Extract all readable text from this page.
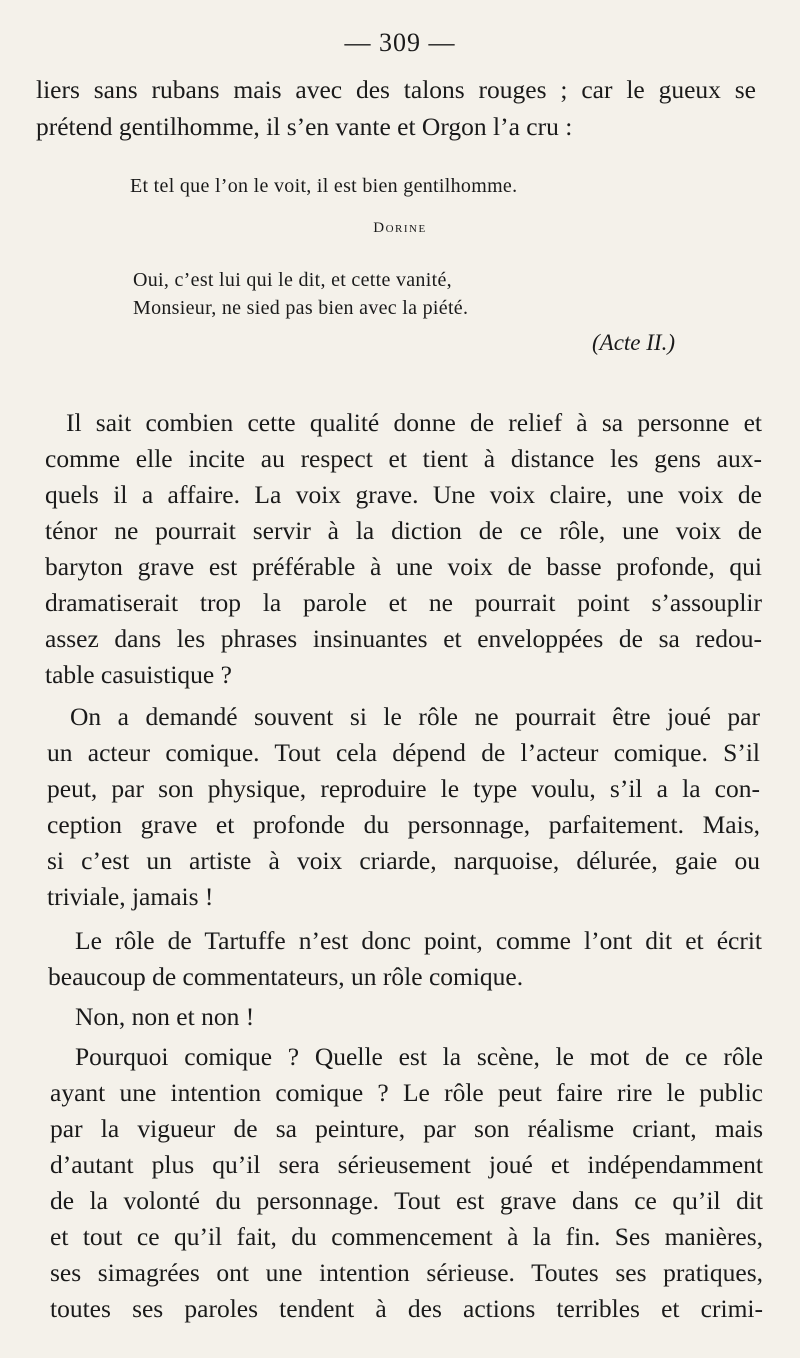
— 309 —
liers sans rubans mais avec des talons rouges ; car le gueux se
prétend gentilhomme, il s’en vante et Orgon l’a cru :
Et tel que l’on le voit, il est bien gentilhomme.
Dorine
Oui, c’est lui qui le dit, et cette vanité,
Monsieur, ne sied pas bien avec la piété.
(Acte II.)
Il sait combien cette qualité donne de relief à sa personne et
comme elle incite au respect et tient à distance les gens aux-
quels il a affaire. La voix grave. Une voix claire, une voix de
ténor ne pourrait servir à la diction de ce rôle, une voix de
baryton grave est préférable à une voix de basse profonde, qui
dramatiserait trop la parole et ne pourrait point s’assouplir
assez dans les phrases insinuantes et enveloppées de sa redou-
table casuistique ?
On a demandé souvent si le rôle ne pourrait être joué par
un acteur comique. Tout cela dépend de l’acteur comique. S’il
peut, par son physique, reproduire le type voulu, s’il a la con-
ception grave et profonde du personnage, parfaitement. Mais,
si c’est un artiste à voix criarde, narquoise, délurée, gaie ou
triviale, jamais !
Le rôle de Tartuffe n’est donc point, comme l’ont dit et écrit
beaucoup de commentateurs, un rôle comique.
Non, non et non !
Pourquoi comique ? Quelle est la scène, le mot de ce rôle
ayant une intention comique ? Le rôle peut faire rire le public
par la vigueur de sa peinture, par son réalisme criant, mais
d’autant plus qu’il sera sérieusement joué et indépendamment
de la volonté du personnage. Tout est grave dans ce qu’il dit
et tout ce qu’il fait, du commencement à la fin. Ses manières,
ses simagrées ont une intention sérieuse. Toutes ses pratiques,
toutes ses paroles tendent à des actions terribles et crimi-
